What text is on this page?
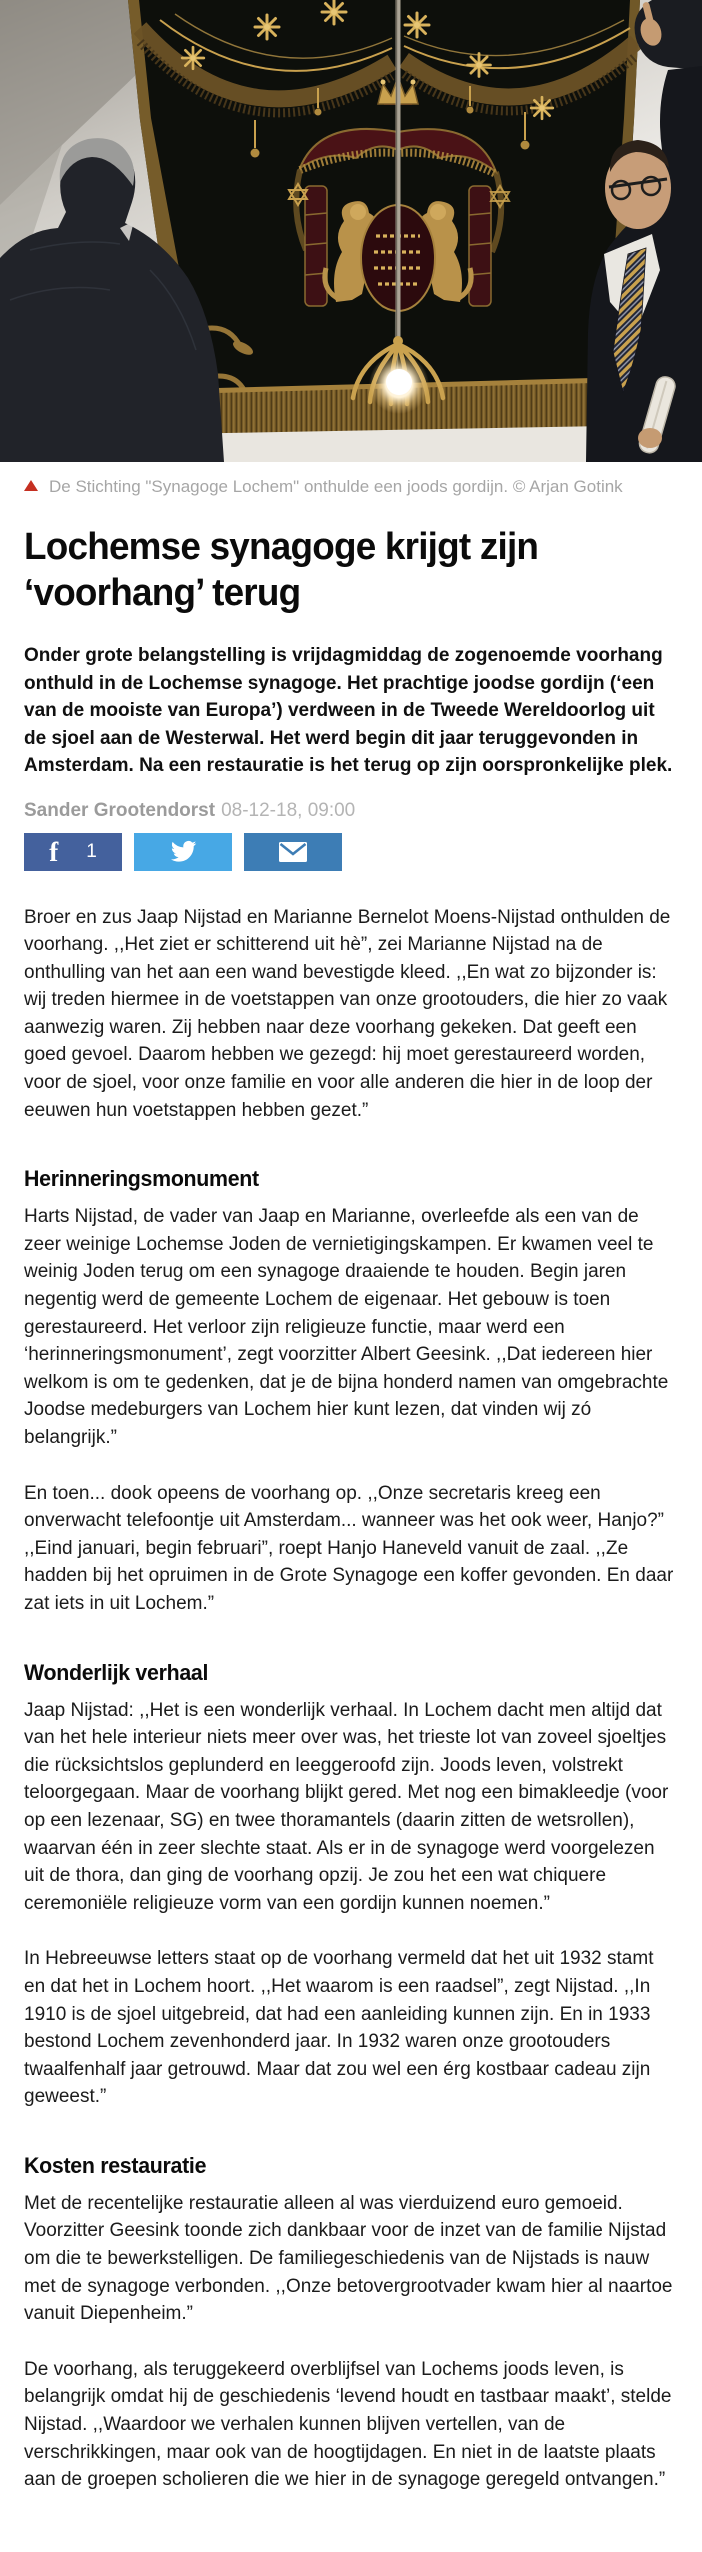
De Stichting "Synagoge Lochem" onthulde een joods gordijn. © Arjan Gotink
Lochemse synagoge krijgt zijn ‘voorhang’ terug

Onder grote belangstelling is vrijdagmiddag de zogenoemde voorhang onthuld in de Lochemse synagoge. Het prachtige joodse gordijn (‘een van de mooiste van Europa’) verdween in de Tweede Wereldoorlog uit de sjoel aan de Westerwal. Het werd begin dit jaar teruggevonden in Amsterdam. Na een restauratie is het terug op zijn oorspronkelijke plek.

Sander Grootendorst 08-12-18, 09:00
f 1

Broer en zus Jaap Nijstad en Marianne Bernelot Moens-Nijstad onthulden de voorhang. ,,Het ziet er schitterend uit hè”, zei Marianne Nijstad na de onthulling van het aan een wand bevestigde kleed. ,,En wat zo bijzonder is: wij treden hiermee in de voetstappen van onze grootouders, die hier zo vaak aanwezig waren. Zij hebben naar deze voorhang gekeken. Dat geeft een goed gevoel. Daarom hebben we gezegd: hij moet gerestaureerd worden, voor de sjoel, voor onze familie en voor alle anderen die hier in de loop der eeuwen hun voetstappen hebben gezet.”

Herinneringsmonument

Harts Nijstad, de vader van Jaap en Marianne, overleefde als een van de zeer weinige Lochemse Joden de vernietigingskampen. Er kwamen veel te weinig Joden terug om een synagoge draaiende te houden. Begin jaren negentig werd de gemeente Lochem de eigenaar. Het gebouw is toen gerestaureerd. Het verloor zijn religieuze functie, maar werd een ‘herinneringsmonument’, zegt voorzitter Albert Geesink. ,,Dat iedereen hier welkom is om te gedenken, dat je de bijna honderd namen van omgebrachte Joodse medeburgers van Lochem hier kunt lezen, dat vinden wij zó belangrijk.”

En toen... dook opeens de voorhang op. ,,Onze secretaris kreeg een onverwacht telefoontje uit Amsterdam... wanneer was het ook weer, Hanjo?” ,,Eind januari, begin februari”, roept Hanjo Haneveld vanuit de zaal. ,,Ze hadden bij het opruimen in de Grote Synagoge een koffer gevonden. En daar zat iets in uit Lochem.”

Wonderlijk verhaal

Jaap Nijstad: ,,Het is een wonderlijk verhaal. In Lochem dacht men altijd dat van het hele interieur niets meer over was, het trieste lot van zoveel sjoeltjes die rücksichtslos geplunderd en leeggeroofd zijn. Joods leven, volstrekt teloorgegaan. Maar de voorhang blijkt gered. Met nog een bimakleedje (voor op een lezenaar, SG) en twee thoramantels (daarin zitten de wetsrollen), waarvan één in zeer slechte staat. Als er in de synagoge werd voorgelezen uit de thora, dan ging de voorhang opzij. Je zou het een wat chiquere ceremoniële religieuze vorm van een gordijn kunnen noemen.”

In Hebreeuwse letters staat op de voorhang vermeld dat het uit 1932 stamt en dat het in Lochem hoort. ,,Het waarom is een raadsel”, zegt Nijstad. ,,In 1910 is de sjoel uitgebreid, dat had een aanleiding kunnen zijn. En in 1933 bestond Lochem zevenhonderd jaar. In 1932 waren onze grootouders twaalfenhalf jaar getrouwd. Maar dat zou wel een érg kostbaar cadeau zijn geweest.”

Kosten restauratie

Met de recentelijke restauratie alleen al was vierduizend euro gemoeid. Voorzitter Geesink toonde zich dankbaar voor de inzet van de familie Nijstad om die te bewerkstelligen. De familiegeschiedenis van de Nijstads is nauw met de synagoge verbonden. ,,Onze betovergrootvader kwam hier al naartoe vanuit Diepenheim.”

De voorhang, als teruggekeerd overblijfsel van Lochems joods leven, is belangrijk omdat hij de geschiedenis ‘levend houdt en tastbaar maakt’, stelde Nijstad. ,,Waardoor we verhalen kunnen blijven vertellen, van de verschrikkingen, maar ook van de hoogtijdagen. En niet in de laatste plaats aan de groepen scholieren die we hier in de synagoge geregeld ontvangen.”
